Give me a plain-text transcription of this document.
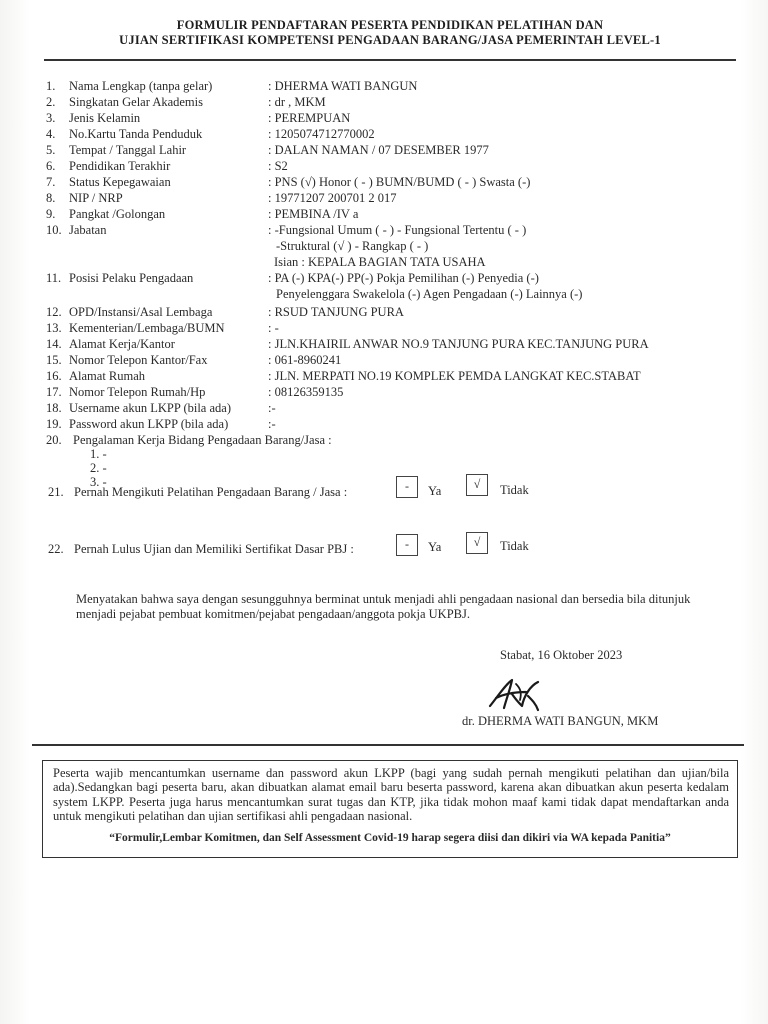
FORMULIR PENDAFTARAN PESERTA PENDIDIKAN PELATIHAN DAN
UJIAN SERTIFIKASI KOMPETENSI PENGADAAN BARANG/JASA PEMERINTAH LEVEL-1
1. Nama Lengkap (tanpa gelar)	: DHERMA WATI BANGUN
2. Singkatan Gelar Akademis	: dr , MKM
3. Jenis Kelamin	: PEREMPUAN
4. No.Kartu Tanda Penduduk	: 1205074712770002
5. Tempat / Tanggal Lahir	: DALAN NAMAN / 07 DESEMBER 1977
6. Pendidikan Terakhir	: S2
7. Status Kepegawaian	: PNS (√) Honor ( - ) BUMN/BUMD ( - ) Swasta (-)
8. NIP / NRP	: 19771207 200701 2 017
9. Pangkat /Golongan	: PEMBINA /IV a
10. Jabatan	: -Fungsional Umum ( - ) - Fungsional Tertentu ( - )
-Struktural (√ ) - Rangkap ( - )
Isian : KEPALA BAGIAN TATA USAHA
11. Posisi Pelaku Pengadaan	: PA (-) KPA(-) PP(-) Pokja Pemilihan (-) Penyedia (-)
Penyelenggara Swakelola (-) Agen Pengadaan (-) Lainnya (-)
12. OPD/Instansi/Asal Lembaga	: RSUD TANJUNG PURA
13. Kementerian/Lembaga/BUMN	: -
14. Alamat Kerja/Kantor	: JLN.KHAIRIL ANWAR NO.9 TANJUNG PURA KEC.TANJUNG PURA
15. Nomor Telepon Kantor/Fax	: 061-8960241
16. Alamat Rumah	: JLN. MERPATI NO.19 KOMPLEK PEMDA LANGKAT KEC.STABAT
17. Nomor Telepon Rumah/Hp	: 08126359135
18. Username akun LKPP (bila ada)	:-
19. Password akun LKPP (bila ada)	:-
20. Pengalaman Kerja Bidang Pengadaan Barang/Jasa :
1. -
2. -
3. -
21. Pernah Mengikuti Pelatihan Pengadaan Barang / Jasa :	-	Ya	√	Tidak
22. Pernah Lulus Ujian dan Memiliki Sertifikat Dasar PBJ :	-	Ya	√	Tidak
Menyatakan bahwa saya dengan sesungguhnya berminat untuk menjadi ahli pengadaan nasional dan bersedia bila ditunjuk menjadi pejabat pembuat komitmen/pejabat pengadaan/anggota pokja UKPBJ.
Stabat, 16 Oktober 2023
dr. DHERMA WATI BANGUN, MKM
Peserta wajib mencantumkan username dan password akun LKPP (bagi yang sudah pernah mengikuti pelatihan dan ujian/bila ada).Sedangkan bagi peserta baru, akan dibuatkan alamat email baru beserta password, karena akan dibuatkan akun peserta kedalam system LKPP. Peserta juga harus mencantumkan surat tugas dan KTP, jika tidak mohon maaf kami tidak dapat mendaftarkan anda untuk mengikuti pelatihan dan ujian sertifikasi ahli pengadaan nasional.
“Formulir,Lembar Komitmen, dan Self Assessment Covid-19 harap segera diisi dan dikiri via WA kepada Panitia”
